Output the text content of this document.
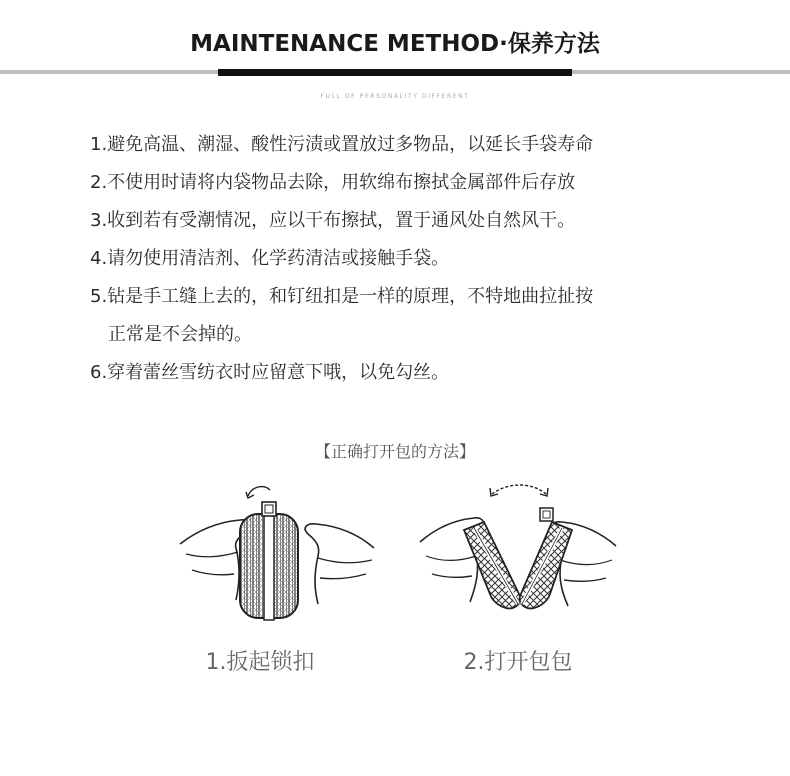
MAINTENANCE METHOD·保养方法
FULL OF PERSONALITY DIFFERENT
1.避免高温、潮湿、酸性污渍或置放过多物品，以延长手袋寿命
2.不使用时请将内袋物品去除，用软绵布擦拭金属部件后存放
3.收到若有受潮情况，应以干布擦拭，置于通风处自然风干。
4.请勿使用清洁剂、化学药清洁或接触手袋。
5.钻是手工缝上去的，和钉纽扣是一样的原理，不特地曲拉扯按
正常是不会掉的。
6.穿着蕾丝雪纺衣时应留意下哦，以免勾丝。
【正确打开包的方法】
1.扳起锁扣	2.打开包包
